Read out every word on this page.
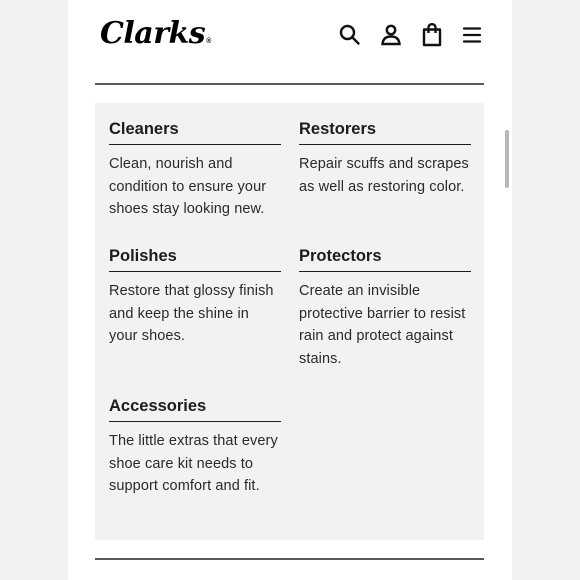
Clarks®
Cleaners
Clean, nourish and condition to ensure your shoes stay looking new.
Restorers
Repair scuffs and scrapes as well as restoring color.
Polishes
Restore that glossy finish and keep the shine in your shoes.
Protectors
Create an invisible protective barrier to resist rain and protect against stains.
Accessories
The little extras that every shoe care kit needs to support comfort and fit.
